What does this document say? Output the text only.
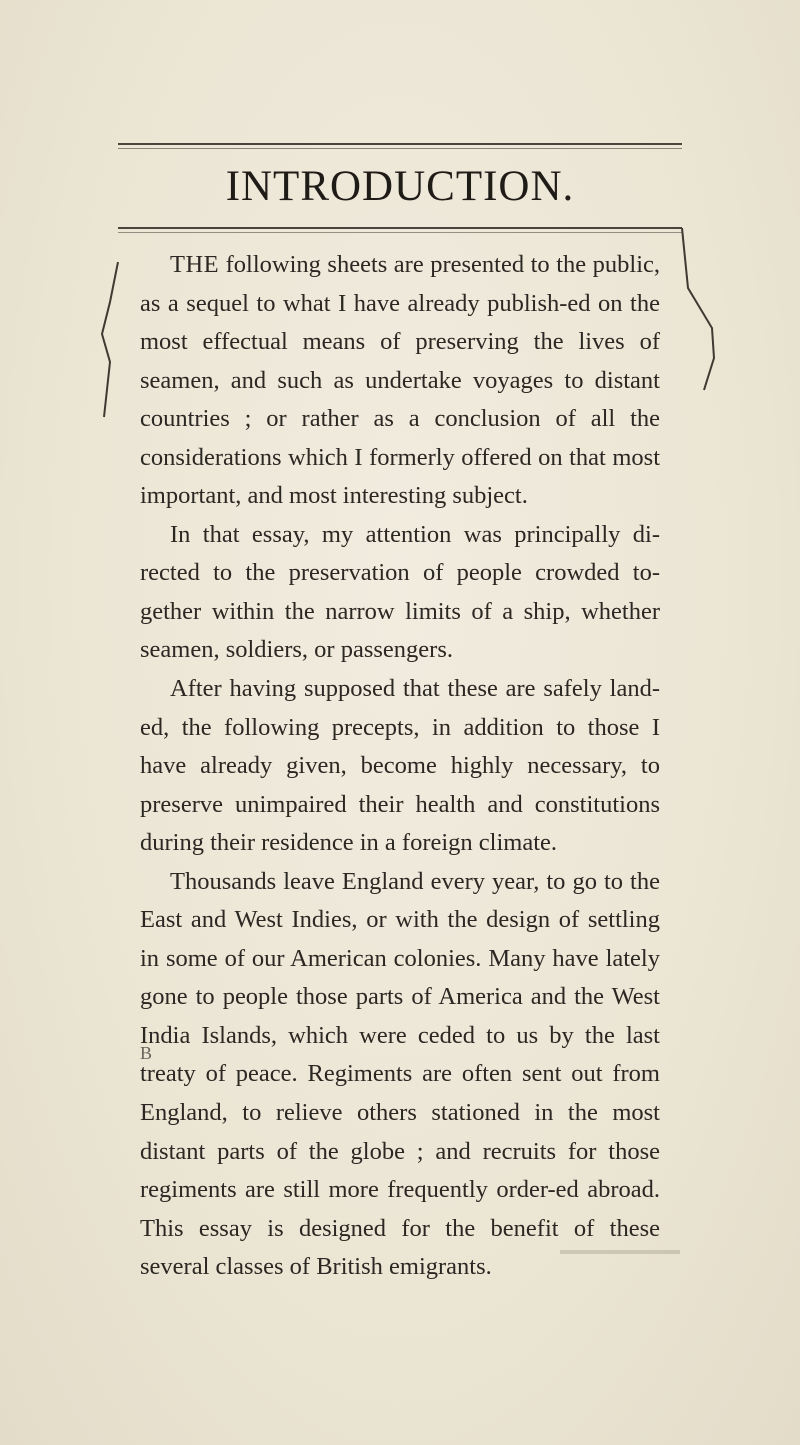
INTRODUCTION.

THE following sheets are presented to the public, as a sequel to what I have already publish-ed on the most effectual means of preserving the lives of seamen, and such as undertake voyages to distant countries ; or rather as a conclusion of all the considerations which I formerly offered on that most important, and most interesting subject.

In that essay, my attention was principally di-rected to the preservation of people crowded to-gether within the narrow limits of a ship, whether seamen, soldiers, or passengers.

After having supposed that these are safely land-ed, the following precepts, in addition to those I have already given, become highly necessary, to preserve unimpaired their health and constitutions during their residence in a foreign climate.

Thousands leave England every year, to go to the East and West Indies, or with the design of settling in some of our American colonies. Many have lately gone to people those parts of America and the West India Islands, which were ceded to us by the last treaty of peace. Regiments are often sent out from England, to relieve others stationed in the most distant parts of the globe ; and recruits for those regiments are still more frequently order-ed abroad. This essay is designed for the benefit of these several classes of British emigrants.

B
